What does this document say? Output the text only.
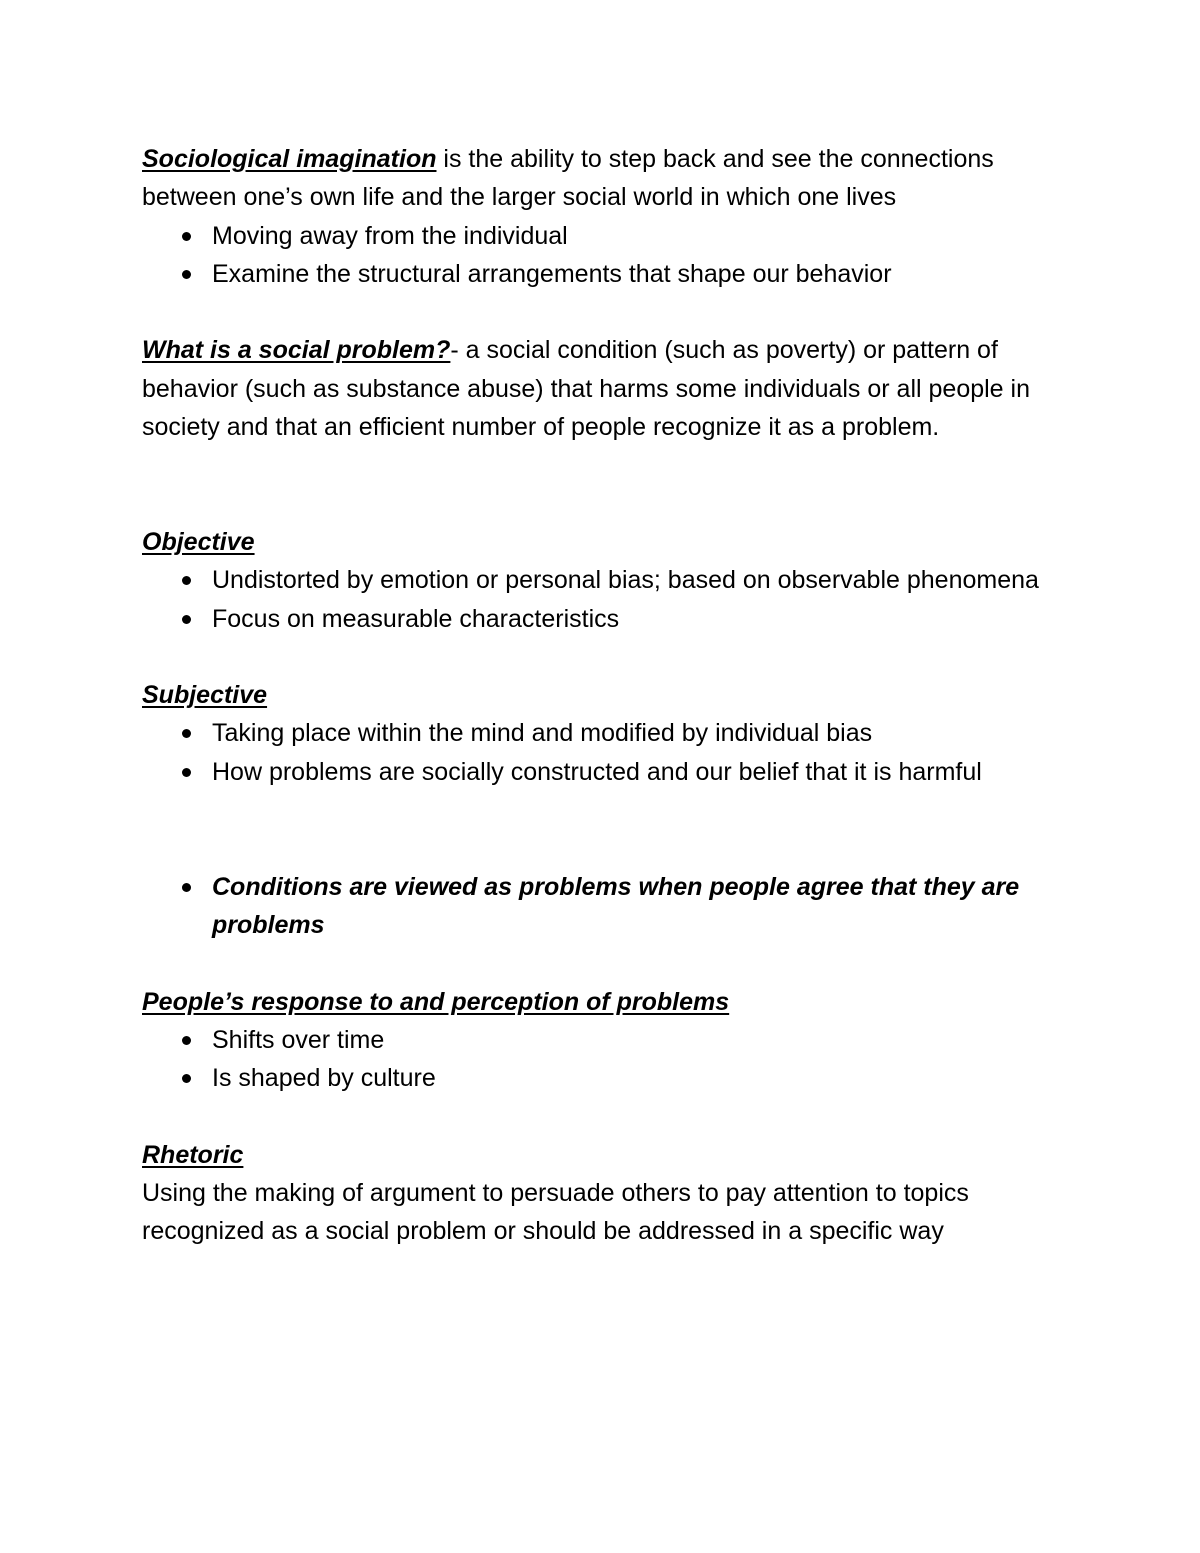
Sociological imagination is the ability to step back and see the connections between one’s own life and the larger social world in which one lives

Moving away from the individual
Examine the structural arrangements that shape our behavior

What is a social problem?- a social condition (such as poverty) or pattern of behavior (such as substance abuse) that harms some individuals or all people in society and that an efficient number of people recognize it as a problem.

Objective

Undistorted by emotion or personal bias; based on observable phenomena
Focus on measurable characteristics

Subjective

Taking place within the mind and modified by individual bias
How problems are socially constructed and our belief that it is harmful
Conditions are viewed as problems when people agree that they are problems

People’s response to and perception of problems

Shifts over time
Is shaped by culture

Rhetoric

Using the making of argument to persuade others to pay attention to topics recognized as a social problem or should be addressed in a specific way
